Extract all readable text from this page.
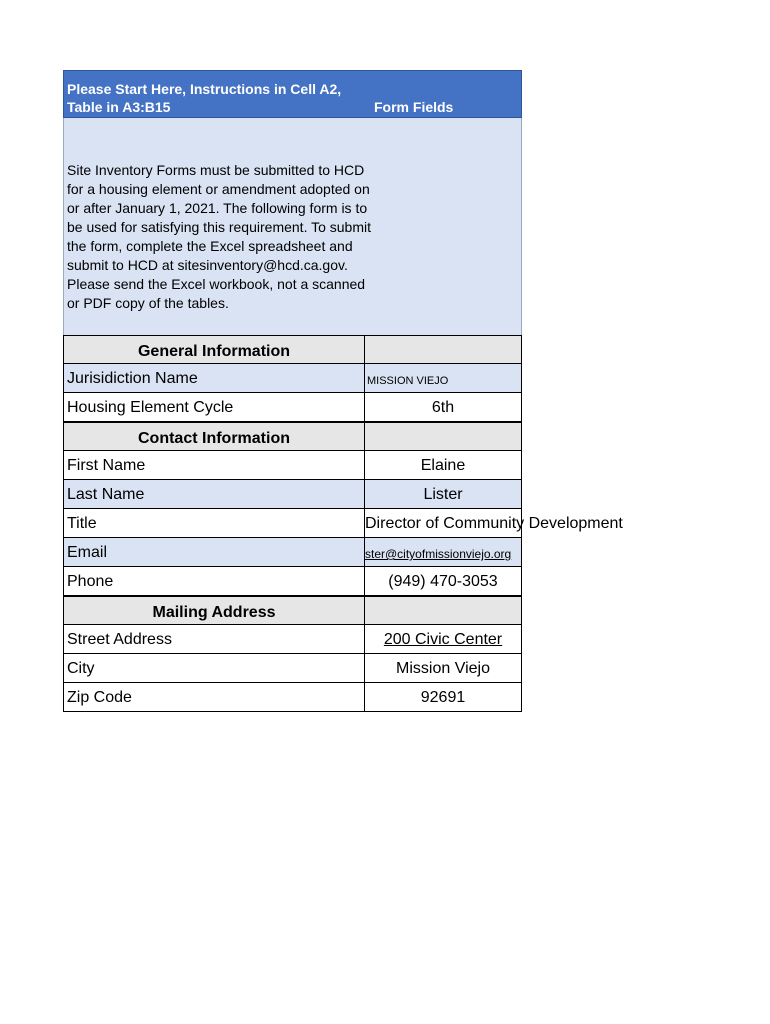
Please Start Here, Instructions in Cell A2, Table in A3:B15	Form Fields
Site Inventory Forms must be submitted to HCD for a housing element or amendment adopted on or after January 1, 2021. The following form is to be used for satisfying this requirement. To submit the form, complete the Excel spreadsheet and submit to HCD at sitesinventory@hcd.ca.gov. Please send the Excel workbook, not a scanned or PDF copy of the tables.
General Information
Jurisidiction Name	MISSION VIEJO
Housing Element Cycle	6th
Contact Information
First Name	Elaine
Last Name	Lister
Title	Director of Community Development
Email	ster@cityofmissionviejo.org
Phone	(949) 470-3053
Mailing Address
Street Address	200 Civic Center
City	Mission Viejo
Zip Code	92691
